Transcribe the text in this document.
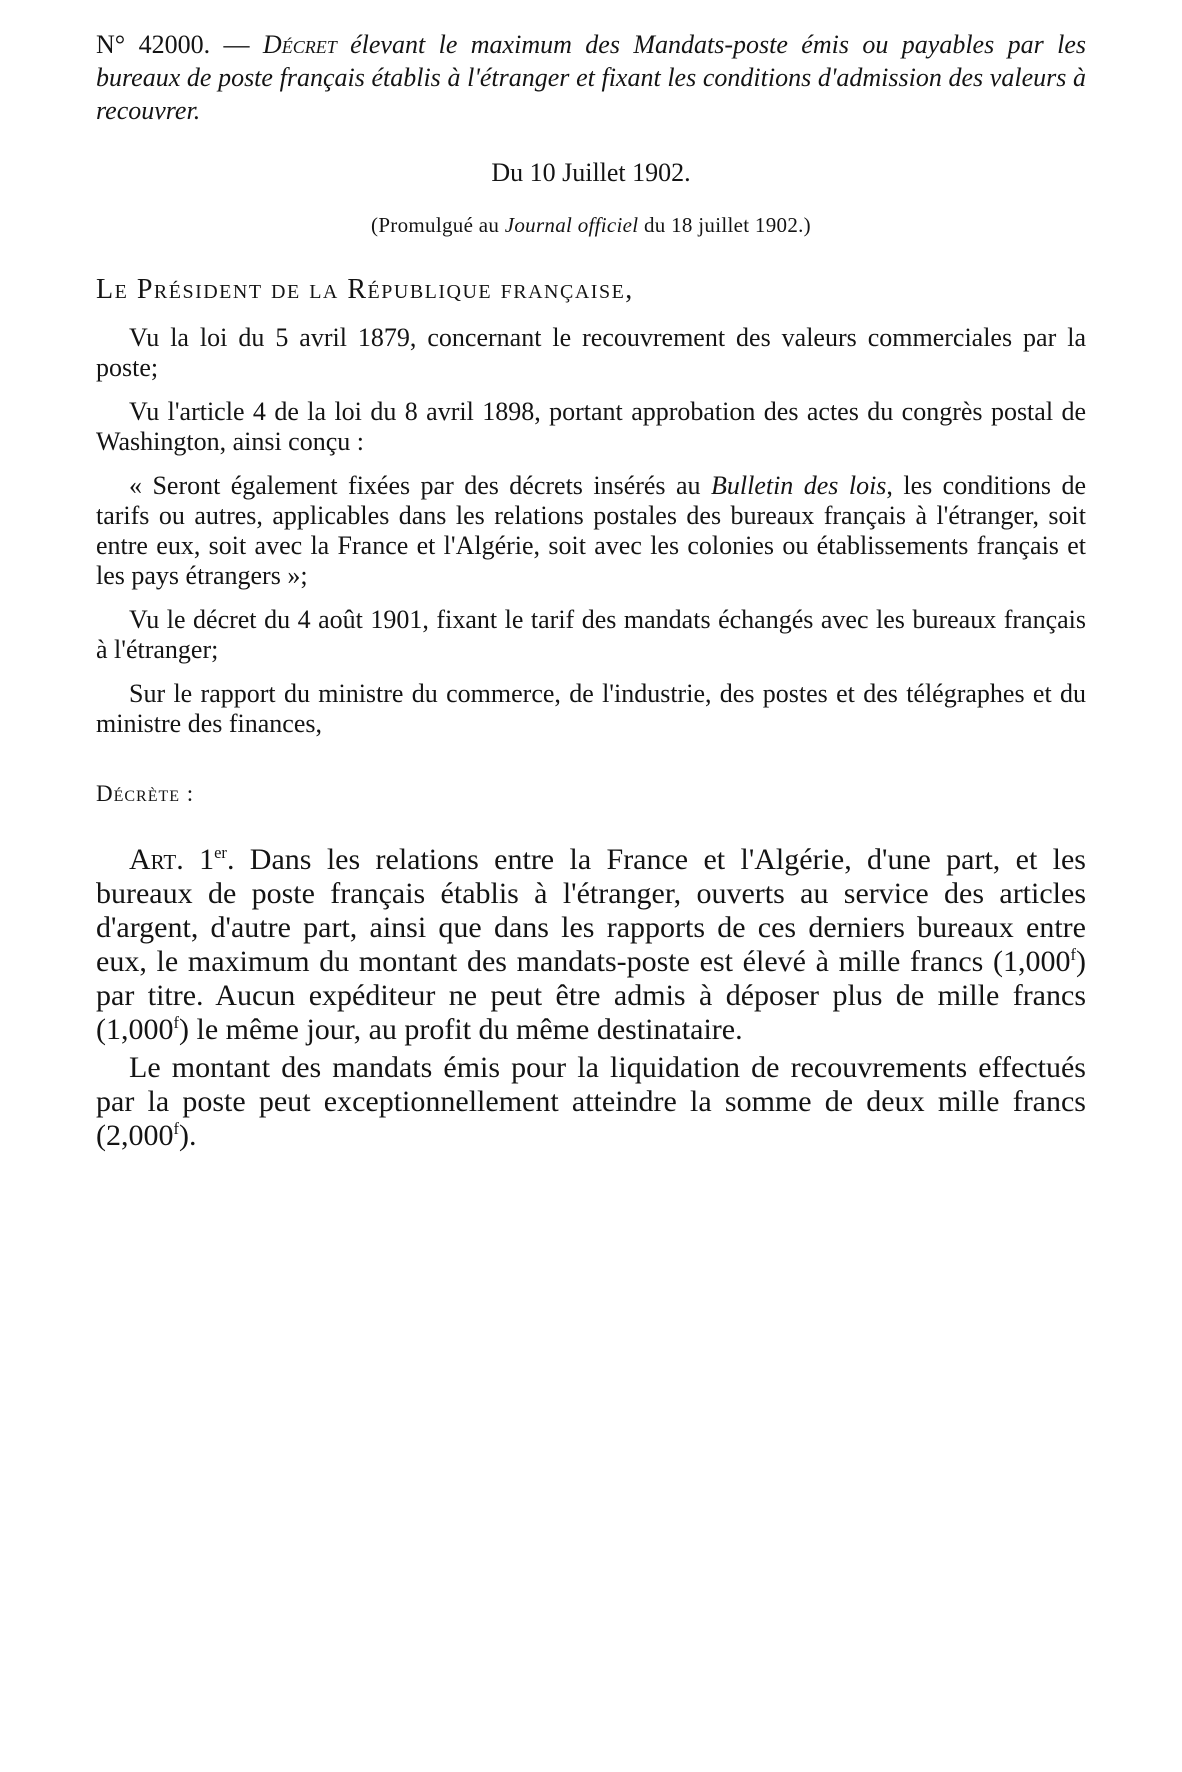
N° 42000. — Décret élevant le maximum des Mandats-poste émis ou payables par les bureaux de poste français établis à l'étranger et fixant les conditions d'admission des valeurs à recouvrer.

Du 10 Juillet 1902.

(Promulgué au Journal officiel du 18 juillet 1902.)

Le Président de la République française,

Vu la loi du 5 avril 1879, concernant le recouvrement des valeurs commerciales par la poste;

Vu l'article 4 de la loi du 8 avril 1898, portant approbation des actes du congrès postal de Washington, ainsi conçu :

« Seront également fixées par des décrets insérés au Bulletin des lois, les conditions de tarifs ou autres, applicables dans les relations postales des bureaux français à l'étranger, soit entre eux, soit avec la France et l'Algérie, soit avec les colonies ou établissements français et les pays étrangers »;

Vu le décret du 4 août 1901, fixant le tarif des mandats échangés avec les bureaux français à l'étranger;

Sur le rapport du ministre du commerce, de l'industrie, des postes et des télégraphes et du ministre des finances,

Décrète :

Art. 1er. Dans les relations entre la France et l'Algérie, d'une part, et les bureaux de poste français établis à l'étranger, ouverts au service des articles d'argent, d'autre part, ainsi que dans les rapports de ces derniers bureaux entre eux, le maximum du montant des mandats-poste est élevé à mille francs (1,000$^f$) par titre. Aucun expéditeur ne peut être admis à déposer plus de mille francs (1,000$^f$) le même jour, au profit du même destinataire.

Le montant des mandats émis pour la liquidation de recouvrements effectués par la poste peut exceptionnellement atteindre la somme de deux mille francs (2,000$^f$).
